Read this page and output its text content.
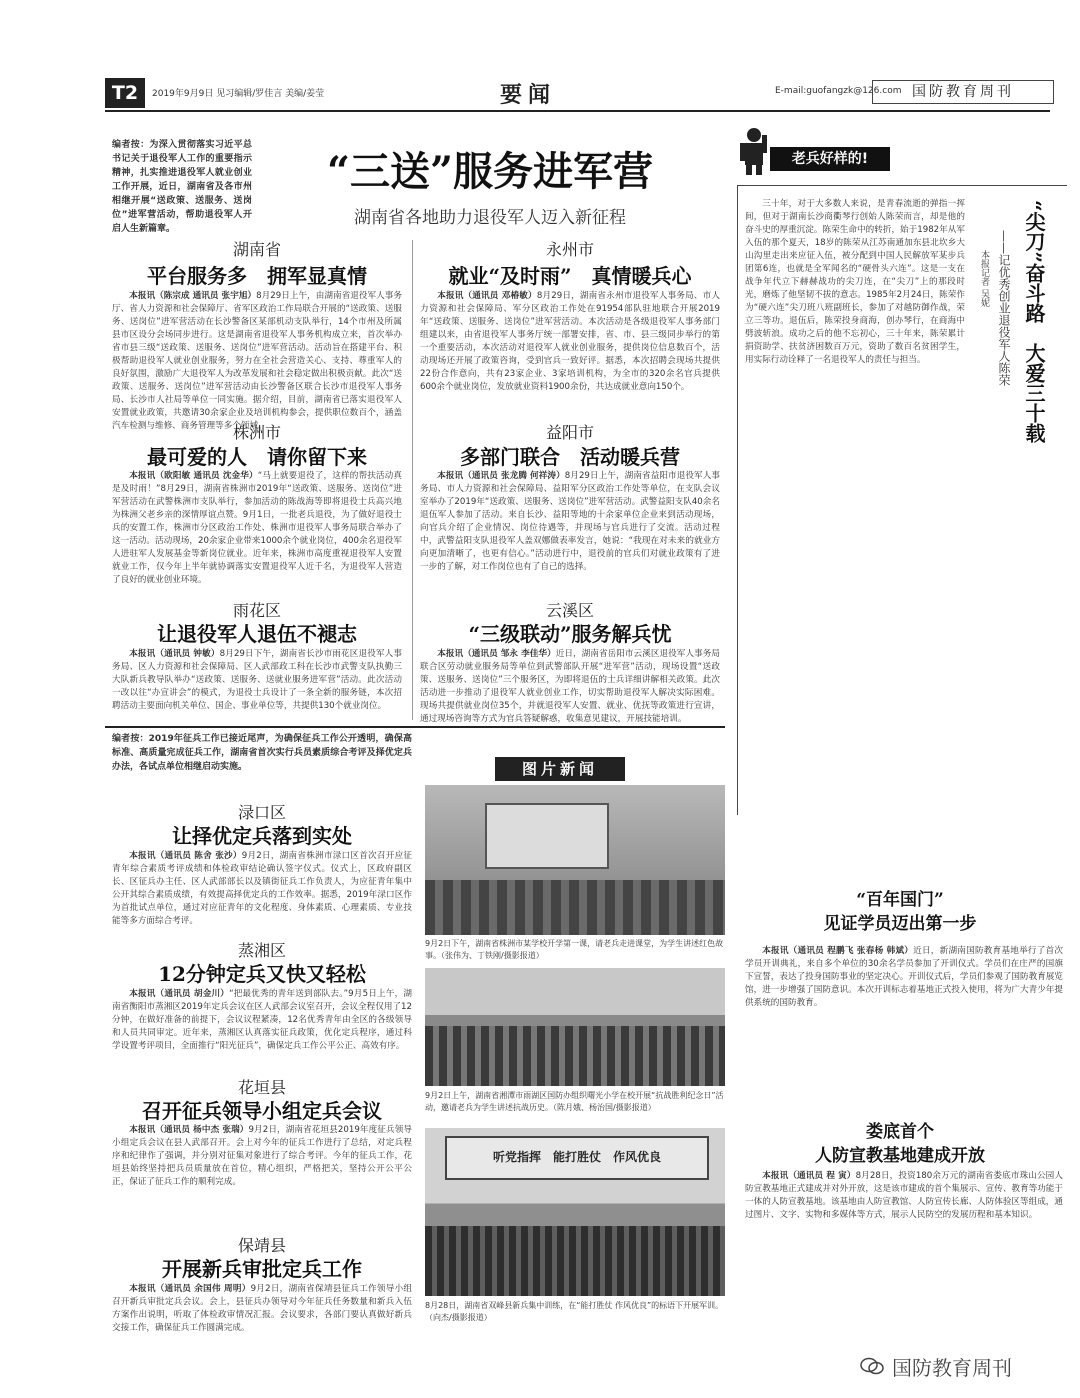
T2	2019年9月9日 见习编辑/罗佳言 美编/姜莹	要闻	E-mail:guofangzk@126.com 国防教育周刊
编者按：为深入贯彻落实习近平总书记关于退役军人工作的重要指示精神，扎实推进退役军人就业创业工作开展，近日，湖南省及各市州相继开展“送政策、送服务、送岗位”进军营活动，帮助退役军人开启人生新篇章。
“三送”服务进军营
湖南省各地助力退役军人迈入新征程
湖南省
平台服务多　拥军显真情

本报讯（陈宗成 通讯员 张宇旭）8月29日上午，由湖南省退役军人事务厅、省人力资源和社会保障厅、省军区政治工作局联合开展的“送政策、送服务、送岗位”进军营活动在长沙警备区某部机动支队举行，14个市州及所属县市区设分会场同步进行。这是湖南省退役军人事务机构成立来，首次举办省市县三级“送政策、送服务、送岗位”进军营活动。活动旨在搭建平台、积极帮助退役军人就业创业服务，努力在全社会营造关心、支持、尊重军人的良好氛围，激励广大退役军人为改革发展和社会稳定做出积极贡献。此次“送政策、送服务、送岗位”进军营活动由长沙警备区联合长沙市退役军人事务局、长沙市人社局等单位一同实施。据介绍，目前，湖南省已落实退役军人安置就业政策，共邀请30余家企业及培训机构参会，提供职位数百个，涵盖汽车检测与维修、商务管理等多个领域。

株洲市
最可爱的人　请你留下来

本报讯（欧阳敏 通讯员 沈金华）“马上就要退役了，这样的帮扶活动真是及时雨！”8月29日，湖南省株洲市2019年“送政策、送服务、送岗位”进军营活动在武警株洲市支队举行，参加活动的陈战海等即将退役士兵高兴地为株洲父老乡亲的深情厚谊点赞。9月1日，一批老兵退役，为了做好退役士兵的安置工作，株洲市分区政治工作处、株洲市退役军人事务局联合举办了这一活动。活动现场，20余家企业带来1000余个就业岗位，400余名退役军人进驻军人发展基金等新岗位就业。近年来，株洲市高度重视退役军人安置就业工作，仅今年上半年就协调落实安置退役军人近千名，为退役军人营造了良好的就业创业环境。

雨花区
让退役军人退伍不褪志

本报讯（通讯员 钟敏）8月29日下午，湖南省长沙市雨花区退役军人事务局、区人力资源和社会保障局、区人武部政工科在长沙市武警支队执勤三大队新兵教导队举办“送政策、送服务、送就业服务进军营”活动。此次活动一改以往“办宣讲会”的模式，为退役士兵设计了一条全新的服务链，本次招聘活动主要面向机关单位、国企、事业单位等，共提供130个就业岗位。

永州市
就业“及时雨”　真情暖兵心

本报讯（通讯员 邓椿敏）8月29日，湖南省永州市退役军人事务局、市人力资源和社会保障局、军分区政治工作处在91954部队驻地联合开展2019年“送政策、送服务、送岗位”进军营活动。本次活动是各级退役军人事务部门组建以来，由省退役军人事务厅统一部署安排，省、市、县三级同步举行的第一个重要活动，本次活动对退役军人就业创业服务，提供岗位信息数百个，活动现场还开展了政策咨询，受到官兵一致好评。据悉，本次招聘会现场共提供22份合作意向，共有23家企业、3家培训机构，为全市的320余名官兵提供600余个就业岗位，发放就业资料1900余份，共达成就业意向150个。

益阳市
多部门联合　活动暖兵营

本报讯（通讯员 张龙腾 何祥涛）8月29日上午，湖南省益阳市退役军人事务局、市人力资源和社会保障局、益阳军分区政治工作处等单位，在支队会议室举办了2019年“送政策、送服务、送岗位”进军营活动。武警益阳支队40余名退伍军人参加了活动。来自长沙、益阳等地的十余家单位企业来到活动现场，向官兵介绍了企业情况、岗位待遇等，并现场与官兵进行了交流。活动过程中，武警益阳支队退役军人盖双娜做表率发言，她说：“我现在对未来的就业方向更加清晰了，也更有信心。”活动进行中，退役前的官兵们对就业政策有了进一步的了解，对工作岗位也有了自己的选择。

云溪区
“三级联动”服务解兵忧

本报讯（通讯员 邹永 李佳华）近日，湖南省岳阳市云溪区退役军人事务局联合区劳动就业服务局等单位到武警部队开展“进军营”活动，现场设置“送政策、送服务、送岗位”三个服务区，为即将退伍的士兵详细讲解相关政策。此次活动进一步推动了退役军人就业创业工作，切实帮助退役军人解决实际困难。现场共提供就业岗位35个，并就退役军人安置、就业、优抚等政策进行宣讲，通过现场咨询等方式为官兵答疑解惑，收集意见建议，开展技能培训。

编者按：2019年征兵工作已接近尾声，为确保征兵工作公开透明，确保高标准、高质量完成征兵工作，湖南省首次实行兵员素质综合考评及择优定兵办法，各试点单位相继启动实施。
渌口区
让择优定兵落到实处

本报讯（通讯员 陈舍 张沙）9月2日，湖南省株洲市渌口区首次召开应征青年综合素质考评成绩和体检政审结论确认签字仪式。仪式上，区政府副区长、区征兵办主任、区人武部部长以及镇街征兵工作负责人，为应征青年集中公开其综合素质成绩，有效提高择优定兵的工作效率。据悉，2019年渌口区作为首批试点单位，通过对应征青年的文化程度、身体素质、心理素质、专业技能等多方面综合考评。

蒸湘区
12分钟定兵又快又轻松

本报讯（通讯员 胡金川）“把最优秀的青年送到部队去。”9月5日上午，湖南省衡阳市蒸湘区2019年定兵会议在区人武部会议室召开，会议全程仅用了12分钟，在做好准备的前提下，会议议程紧凑，12名优秀青年由全区的各级领导和人员共同审定。近年来，蒸湘区认真落实征兵政策，优化定兵程序，通过科学设置考评项目，全面推行“阳光征兵”，确保定兵工作公平公正、高效有序。

花垣县
召开征兵领导小组定兵会议

本报讯（通讯员 杨中杰 张瑞）9月2日，湖南省花垣县2019年度征兵领导小组定兵会议在县人武部召开。会上对今年的征兵工作进行了总结，对定兵程序和纪律作了强调，并分别对征集对象进行了综合考评。今年的征兵工作，花垣县始终坚持把兵员质量放在首位，精心组织，严格把关，坚持公开公平公正，保证了征兵工作的顺利完成。

保靖县
开展新兵审批定兵工作

本报讯（通讯员 余国伟 周明）9月2日，湖南省保靖县征兵工作领导小组召开新兵审批定兵会议。会上，县征兵办领导对今年征兵任务数量和新兵入伍方案作出说明，听取了体检政审情况汇报。会议要求，各部门要认真做好新兵交接工作，确保征兵工作圆满完成。

图片新闻
9月2日下午，湖南省株洲市某学校开学第一课，请老兵走进课堂，为学生讲述红色故事。（张伟为、丁铁刚/摄影报道）
9月2日上午，湖南省湘潭市雨湖区国防办组织曙光小学在校开展“抗战胜利纪念日”活动，邀请老兵为学生讲述抗战历史。（陈月娥、杨治国/摄影报道）
听党指挥　能打胜仗　作风优良
8月28日，湖南省双峰县新兵集中训练，在“能打胜仗 作风优良”的标语下开展军训。（向杰/摄影报道）
老兵好样的!
“尖刀”奋斗路　大爱三十载
——记优秀创业退役军人陈荣
本报记者 吴妮

三十年，对于大多数人来说，是青春流逝的弹指一挥间，但对于湖南长沙商衢琴行创始人陈荣而言，却是他的奋斗史的厚重沉淀。陈荣生命中的转折，始于1982年从军入伍的那个夏天，18岁的陈荣从江苏南通加东县北坎乡大山沟里走出来应征入伍，被分配到中国人民解放军某步兵团第6连，也就是全军闻名的“硬骨头六连”。这是一支在战争年代立下赫赫战功的尖刀连，在“尖刀”上的那段时光，磨炼了他坚韧不拔的意志。1985年2月24日，陈荣作为“硬六连”尖刀班八班副班长，参加了对越防御作战，荣立三等功。退伍后，陈荣投身商海，创办琴行，在商海中劈波斩浪。成功之后的他不忘初心，三十年来，陈荣累计捐资助学、扶贫济困数百万元，资助了数百名贫困学生，用实际行动诠释了一名退役军人的责任与担当。

“百年国门”
见证学员迈出第一步

本报讯（通讯员 程鹏飞 张春杨 韩斌）近日，新湖南国防教育基地举行了首次学员开训典礼，来自多个单位的30余名学员参加了开训仪式。学员们在庄严的国旗下宣誓，表达了投身国防事业的坚定决心。开训仪式后，学员们参观了国防教育展览馆，进一步增强了国防意识。本次开训标志着基地正式投入使用，将为广大青少年提供系统的国防教育。

娄底首个
人防宣教基地建成开放

本报讯（通讯员 程 寅）8月28日，投资180余万元的湖南省娄底市珠山公园人防宣教基地正式建成并对外开放，这是该市建成的首个集展示、宣传、教育等功能于一体的人防宣教基地。该基地由人防宣教馆、人防宣传长廊、人防体验区等组成，通过图片、文字、实物和多媒体等方式，展示人民防空的发展历程和基本知识。

国防教育周刊
